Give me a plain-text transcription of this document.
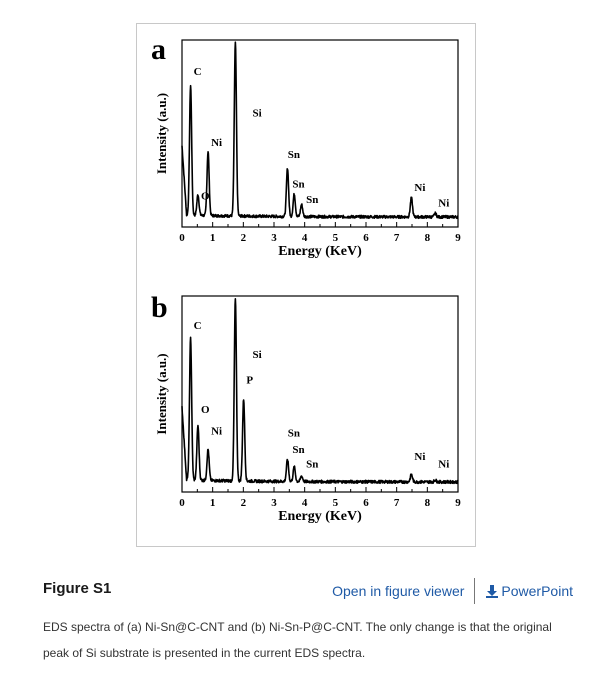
0 1 2 3 4 5 6 7 8 9
Energy (KeV)
Intensity (a.u.)
a
C
O
Ni
Si
Sn
Sn
Sn
Ni
Ni
0 1 2 3 4 5 6 7 8 9
Energy (KeV)
Intensity (a.u.)
b
C
O
Ni
Si
P
Sn
Sn
Sn
Ni
Ni
Figure S1	Open in figure viewer	PowerPoint
EDS spectra of (a) Ni-Sn@C-CNT and (b) Ni-Sn-P@C-CNT. The only change is that the original peak of Si substrate is presented in the current EDS spectra.
